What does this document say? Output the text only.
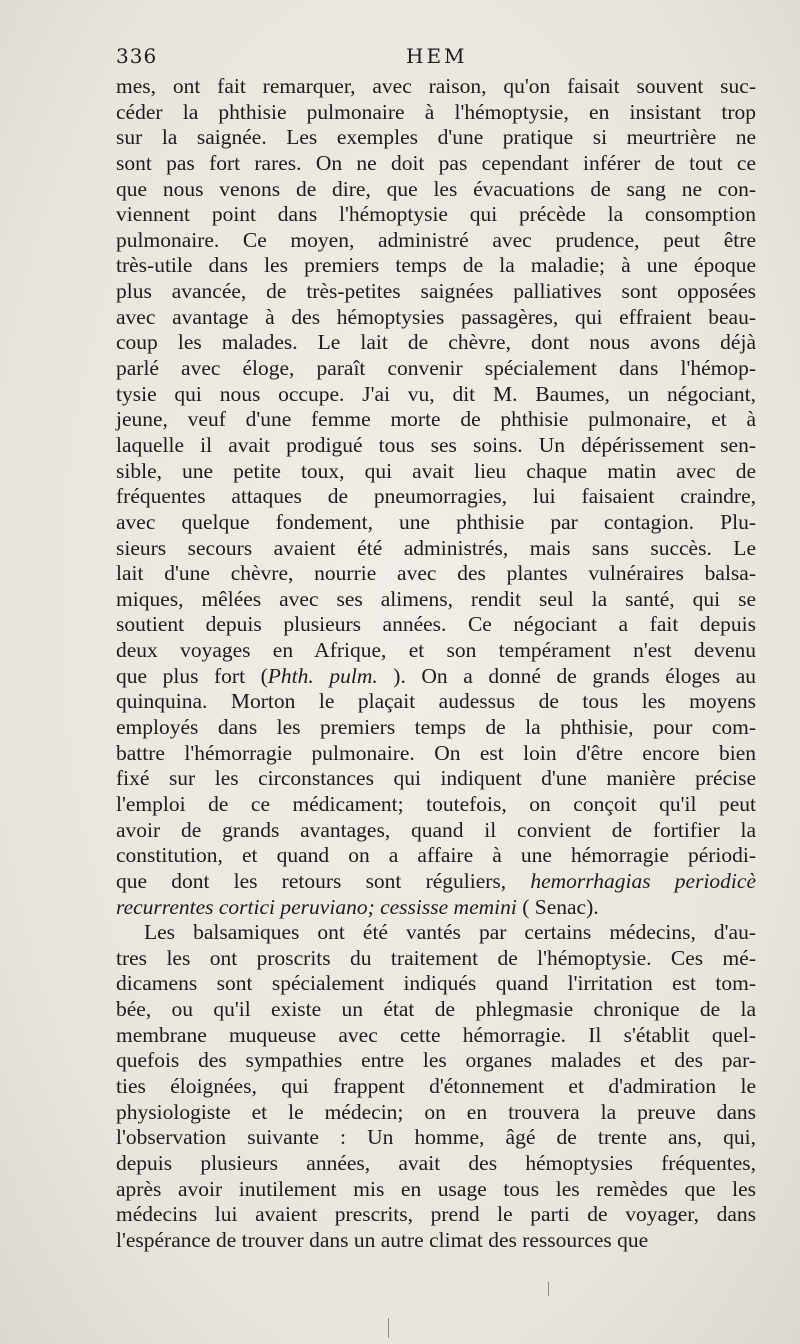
336	HEM
mes, ont fait remarquer, avec raison, qu'on faisait souvent suc-
céder la phthisie pulmonaire à l'hémoptysie, en insistant trop
sur la saignée. Les exemples d'une pratique si meurtrière ne
sont pas fort rares. On ne doit pas cependant inférer de tout ce
que nous venons de dire, que les évacuations de sang ne con-
viennent point dans l'hémoptysie qui précède la consomption
pulmonaire. Ce moyen, administré avec prudence, peut être
très-utile dans les premiers temps de la maladie; à une époque
plus avancée, de très-petites saignées palliatives sont opposées
avec avantage à des hémoptysies passagères, qui effraient beau-
coup les malades. Le lait de chèvre, dont nous avons déjà
parlé avec éloge, paraît convenir spécialement dans l'hémop-
tysie qui nous occupe. J'ai vu, dit M. Baumes, un négociant,
jeune, veuf d'une femme morte de phthisie pulmonaire, et à
laquelle il avait prodigué tous ses soins. Un dépérissement sen-
sible, une petite toux, qui avait lieu chaque matin avec de
fréquentes attaques de pneumorragies, lui faisaient craindre,
avec quelque fondement, une phthisie par contagion. Plu-
sieurs secours avaient été administrés, mais sans succès. Le
lait d'une chèvre, nourrie avec des plantes vulnéraires balsa-
miques, mêlées avec ses alimens, rendit seul la santé, qui se
soutient depuis plusieurs années. Ce négociant a fait depuis
deux voyages en Afrique, et son tempérament n'est devenu
que plus fort (Phth. pulm. ). On a donné de grands éloges au
quinquina. Morton le plaçait audessus de tous les moyens
employés dans les premiers temps de la phthisie, pour com-
battre l'hémorragie pulmonaire. On est loin d'être encore bien
fixé sur les circonstances qui indiquent d'une manière précise
l'emploi de ce médicament; toutefois, on conçoit qu'il peut
avoir de grands avantages, quand il convient de fortifier la
constitution, et quand on a affaire à une hémorragie périodi-
que dont les retours sont réguliers, hemorrhagias periodicè
recurrentes cortici peruviano; cessisse memini ( Senac).
Les balsamiques ont été vantés par certains médecins, d'au-
tres les ont proscrits du traitement de l'hémoptysie. Ces mé-
dicamens sont spécialement indiqués quand l'irritation est tom-
bée, ou qu'il existe un état de phlegmasie chronique de la
membrane muqueuse avec cette hémorragie. Il s'établit quel-
quefois des sympathies entre les organes malades et des par-
ties éloignées, qui frappent d'étonnement et d'admiration le
physiologiste et le médecin; on en trouvera la preuve dans
l'observation suivante : Un homme, âgé de trente ans, qui,
depuis plusieurs années, avait des hémoptysies fréquentes,
après avoir inutilement mis en usage tous les remèdes que les
médecins lui avaient prescrits, prend le parti de voyager, dans
l'espérance de trouver dans un autre climat des ressources que
